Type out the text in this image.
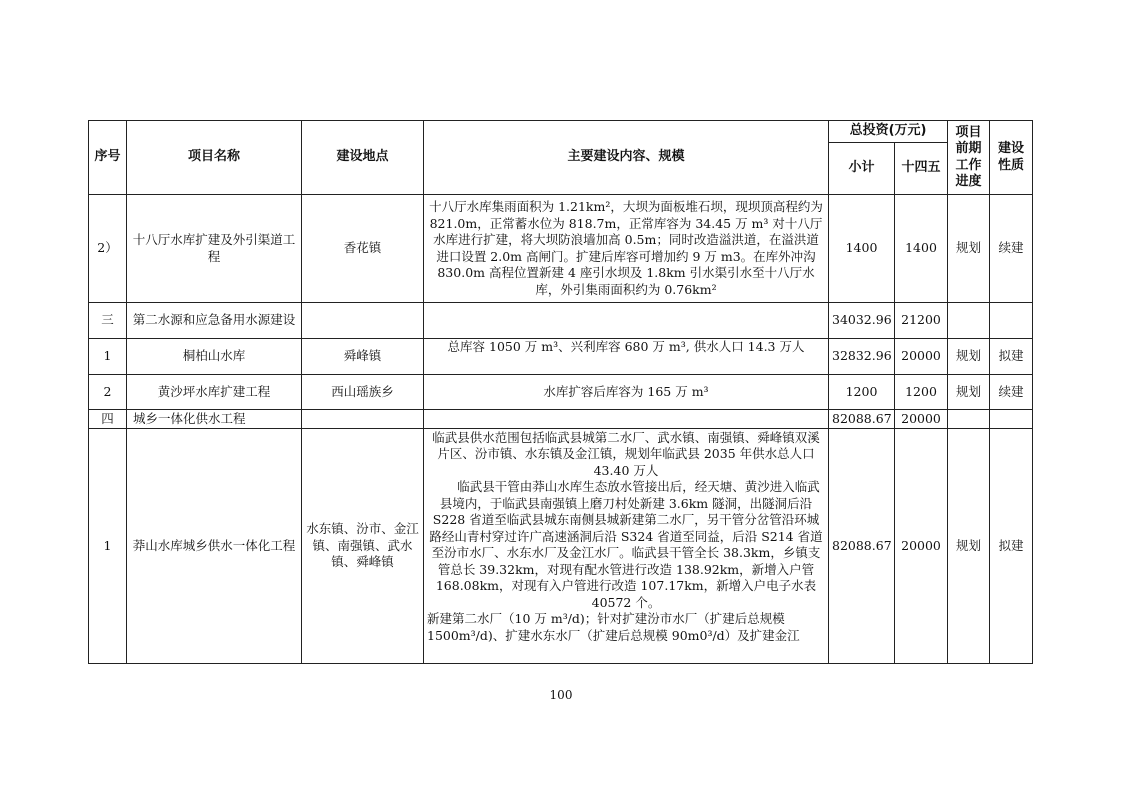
序号	项目名称	建设地点	主要建设内容、规模	总投资(万元)		项目前期工作进度	建设性质
				小计	十四五		
2）	十八厅水库扩建及外引渠道工程	香花镇	十八厅水库集雨面积为 1.21km²，大坝为面板堆石坝，现坝顶高程约为 821.0m，正常蓄水位为 818.7m，正常库容为 34.45 万 m³ 对十八厅水库进行扩建，将大坝防浪墙加高 0.5m；同时改造溢洪道，在溢洪道进口设置 2.0m 高闸门。扩建后库容可增加约 9 万 m3。在库外冲沟 830.0m 高程位置新建 4 座引水坝及 1.8km 引水渠引水至十八厅水库，外引集雨面积约为 0.76km²	1400	1400	规划	续建
三	第二水源和应急备用水源建设			34032.96	21200		
1	桐柏山水库	舜峰镇	总库容 1050 万 m³、兴利库容 680 万 m³, 供水人口 14.3 万人	32832.96	20000	规划	拟建
2	黄沙坪水库扩建工程	西山瑶族乡	水库扩容后库容为 165 万 m³	1200	1200	规划	续建
四	城乡一体化供水工程			82088.67	20000		
1	莽山水库城乡供水一体化工程	水东镇、汾市、金江镇、南强镇、武水镇、舜峰镇	临武县供水范围包括临武县城第二水厂、武水镇、南强镇、舜峰镇双溪片区、汾市镇、水东镇及金江镇，规划年临武县 2035 年供水总人口 43.40 万人

　　临武县干管由莽山水库生态放水管接出后，经天塘、黄沙进入临武县境内，于临武县南强镇上磨刀村处新建 3.6km 隧洞，出隧洞后沿 S228 省道至临武县城东南侧县城新建第二水厂，另干管分岔管沿环城路经山青村穿过许广高速涵洞后沿 S324 省道至同益，后沿 S214 省道至汾市水厂、水东水厂及金江水厂。临武县干管全长 38.3km，乡镇支管总长 39.32km，对现有配水管进行改造 138.92km，新增入户管 168.08km，对现有入户管进行改造 107.17km，新增入户电子水表 40572 个。

新建第二水厂（10 万 m³/d)；针对扩建汾市水厂（扩建后总规模 1500m³/d)、扩建水东水厂（扩建后总规模 90m0³/d）及扩建金江	82088.67	20000	规划	拟建
100
